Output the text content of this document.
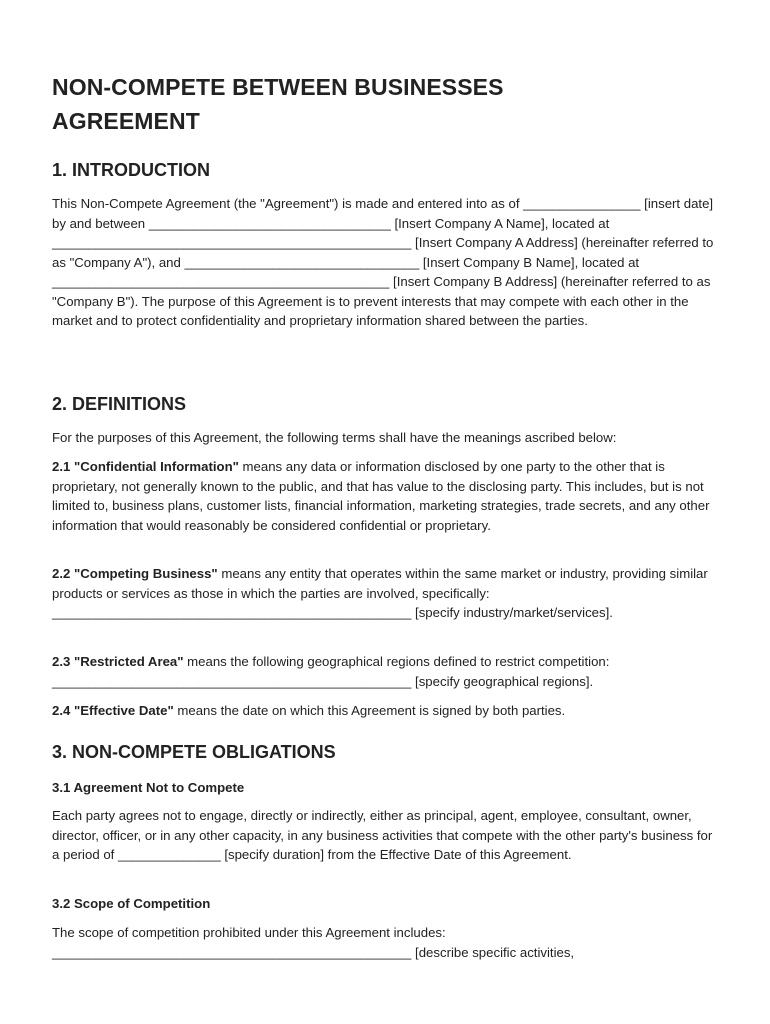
NON-COMPETE BETWEEN BUSINESSES AGREEMENT
1. INTRODUCTION

This Non-Compete Agreement (the "Agreement") is made and entered into as of ________________ [insert date] by and between _________________________________ [Insert Company A Name], located at _________________________________________________ [Insert Company A Address] (hereinafter referred to as "Company A"), and ________________________________ [Insert Company B Name], located at ______________________________________________ [Insert Company B Address] (hereinafter referred to as "Company B"). The purpose of this Agreement is to prevent interests that may compete with each other in the market and to protect confidentiality and proprietary information shared between the parties.

2. DEFINITIONS

For the purposes of this Agreement, the following terms shall have the meanings ascribed below:

2.1 "Confidential Information" means any data or information disclosed by one party to the other that is proprietary, not generally known to the public, and that has value to the disclosing party. This includes, but is not limited to, business plans, customer lists, financial information, marketing strategies, trade secrets, and any other information that would reasonably be considered confidential or proprietary.

2.2 "Competing Business" means any entity that operates within the same market or industry, providing similar products or services as those in which the parties are involved, specifically: _________________________________________________ [specify industry/market/services].

2.3 "Restricted Area" means the following geographical regions defined to restrict competition: _________________________________________________ [specify geographical regions].

2.4 "Effective Date" means the date on which this Agreement is signed by both parties.

3. NON-COMPETE OBLIGATIONS
3.1 Agreement Not to Compete

Each party agrees not to engage, directly or indirectly, either as principal, agent, employee, consultant, owner, director, officer, or in any other capacity, in any business activities that compete with the other party's business for a period of ______________ [specify duration] from the Effective Date of this Agreement.

3.2 Scope of Competition

The scope of competition prohibited under this Agreement includes: _________________________________________________ [describe specific activities,
